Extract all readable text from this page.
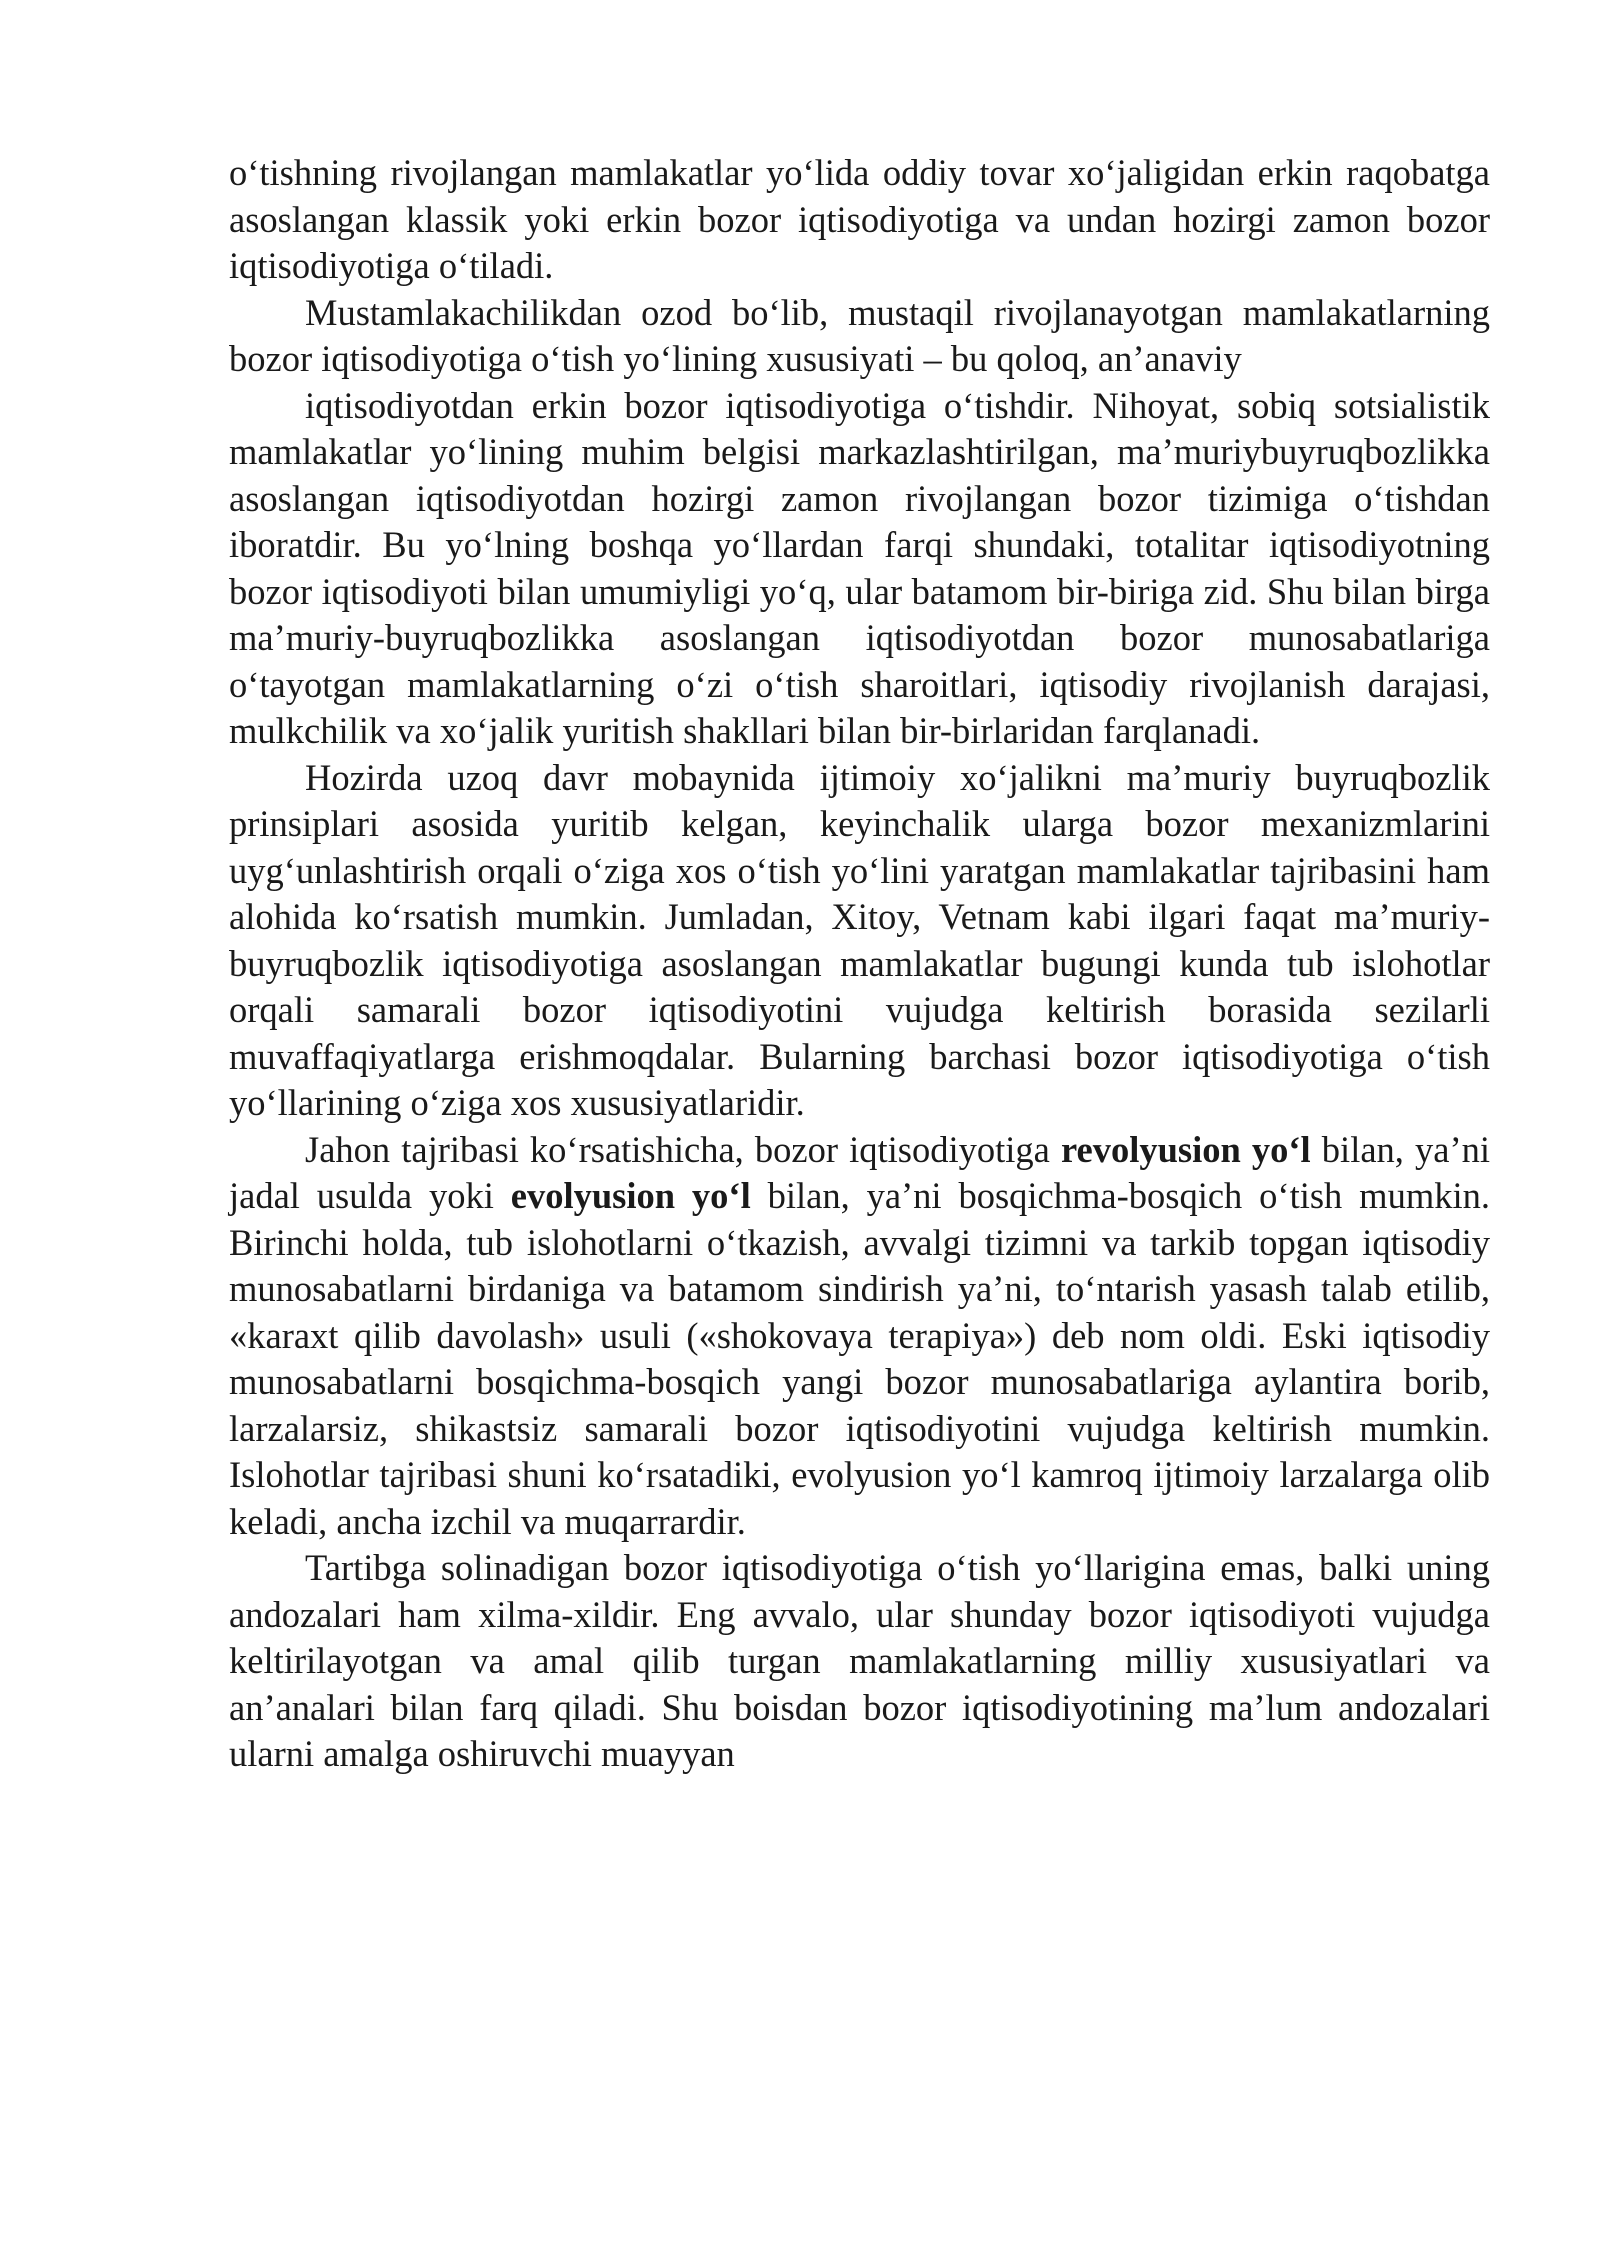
o‘tishning rivojlangan mamlakatlar yo‘lida oddiy tovar xo‘jaligidan erkin raqobatga asoslangan klassik yoki erkin bozor iqtisodiyotiga va undan hozirgi zamon bozor iqtisodiyotiga o‘tiladi.

Mustamlakachilikdan ozod bo‘lib, mustaqil rivojlanayotgan mamlakatlarning bozor iqtisodiyotiga o‘tish yo‘lining xususiyati – bu qoloq, an’anaviy

iqtisodiyotdan erkin bozor iqtisodiyotiga o‘tishdir. Nihoyat, sobiq sotsialistik mamlakatlar yo‘lining muhim belgisi markazlashtirilgan, ma’muriybuyruqbozlikka asoslangan iqtisodiyotdan hozirgi zamon rivojlangan bozor tizimiga o‘tishdan iboratdir. Bu yo‘lning boshqa yo‘llardan farqi shundaki, totalitar iqtisodiyotning bozor iqtisodiyoti bilan umumiyligi yo‘q, ular batamom bir-biriga zid. Shu bilan birga ma’muriy-buyruqbozlikka asoslangan iqtisodiyotdan bozor munosabatlariga o‘tayotgan mamlakatlarning o‘zi o‘tish sharoitlari, iqtisodiy rivojlanish darajasi, mulkchilik va xo‘jalik yuritish shakllari bilan bir-birlaridan farqlanadi.

Hozirda uzoq davr mobaynida ijtimoiy xo‘jalikni ma’muriy buyruqbozlik prinsiplari asosida yuritib kelgan, keyinchalik ularga bozor mexanizmlarini uyg‘unlashtirish orqali o‘ziga xos o‘tish yo‘lini yaratgan mamlakatlar tajribasini ham alohida ko‘rsatish mumkin. Jumladan, Xitoy, Vetnam kabi ilgari faqat ma’muriy-buyruqbozlik iqtisodiyotiga asoslangan mamlakatlar bugungi kunda tub islohotlar orqali samarali bozor iqtisodiyotini vujudga keltirish borasida sezilarli muvaffaqiyatlarga erishmoqdalar. Bularning barchasi bozor iqtisodiyotiga o‘tish yo‘llarining o‘ziga xos xususiyatlaridir.

Jahon tajribasi ko‘rsatishicha, bozor iqtisodiyotiga revolyusion yo‘l bilan, ya’ni jadal usulda yoki evolyusion yo‘l bilan, ya’ni bosqichma-bosqich o‘tish mumkin. Birinchi holda, tub islohotlarni o‘tkazish, avvalgi tizimni va tarkib topgan iqtisodiy munosabatlarni birdaniga va batamom sindirish ya’ni, to‘ntarish yasash talab etilib, «karaxt qilib davolash» usuli («shokovaya terapiya») deb nom oldi. Eski iqtisodiy munosabatlarni bosqichma-bosqich yangi bozor munosabatlariga aylantira borib, larzalarsiz, shikastsiz samarali bozor iqtisodiyotini vujudga keltirish mumkin. Islohotlar tajribasi shuni ko‘rsatadiki, evolyusion yo‘l kamroq ijtimoiy larzalarga olib keladi, ancha izchil va muqarrardir.

Tartibga solinadigan bozor iqtisodiyotiga o‘tish yo‘llarigina emas, balki uning andozalari ham xilma-xildir. Eng avvalo, ular shunday bozor iqtisodiyoti vujudga keltirilayotgan va amal qilib turgan mamlakatlarning milliy xususiyatlari va an’analari bilan farq qiladi. Shu boisdan bozor iqtisodiyotining ma’lum andozalari ularni amalga oshiruvchi muayyan
